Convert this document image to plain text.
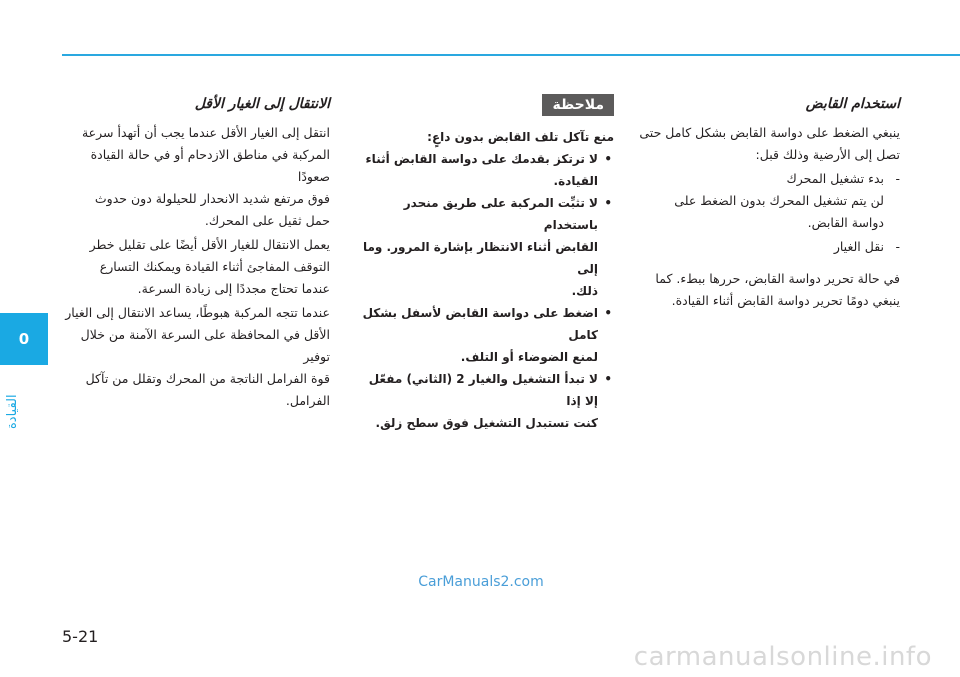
0
القيادة
استخدام القابض
ينبغي الضغط على دواسة القابض بشكل كامل حتى
تصل إلى الأرضية وذلك قبل:
- بدء تشغيل المحرك
لن يتم تشغيل المحرك بدون الضغط على
دواسة القابض.
- نقل الغيار
في حالة تحرير دواسة القابض، حررها ببطء. كما
ينبغي دومًا تحرير دواسة القابض أثناء القيادة.
ملاحظة
منع تآكل تلف القابض بدون داعٍ:
• لا ترتكز بقدمك على دواسة القابض أثناء
القيادة.
• لا تثبِّت المركبة على طريق منحدر باستخدام
القابض أثناء الانتظار بإشارة المرور. وما إلى
ذلك.
• اضغط على دواسة القابض لأسفل بشكل كامل
لمنع الضوضاء أو التلف.
• لا تبدأ التشغيل والغيار 2 (الثاني) مفعّل إلا إذا
كنت تستبدل التشغيل فوق سطح زلق.
الانتقال إلى الغيار الأقل
انتقل إلى الغيار الأقل عندما يجب أن أتهدأ سرعة
المركبة في مناطق الازدحام أو في حالة القيادة صعودًا
فوق مرتفع شديد الانحدار للحيلولة دون حدوث
حمل ثقيل على المحرك.
يعمل الانتقال للغيار الأقل أيضًا على تقليل خطر
التوقف المفاجئ أثناء القيادة ويمكنك التسارع
عندما تحتاج مجددًا إلى زيادة السرعة.
عندما تتجه المركبة هبوطًا، يساعد الانتقال إلى الغيار
الأقل في المحافظة على السرعة الآمنة من خلال توفير
قوة الفرامل الناتجة من المحرك وتقلل من تآكل
الفرامل.
CarManuals2.com
5-21
carmanualsonline.info
